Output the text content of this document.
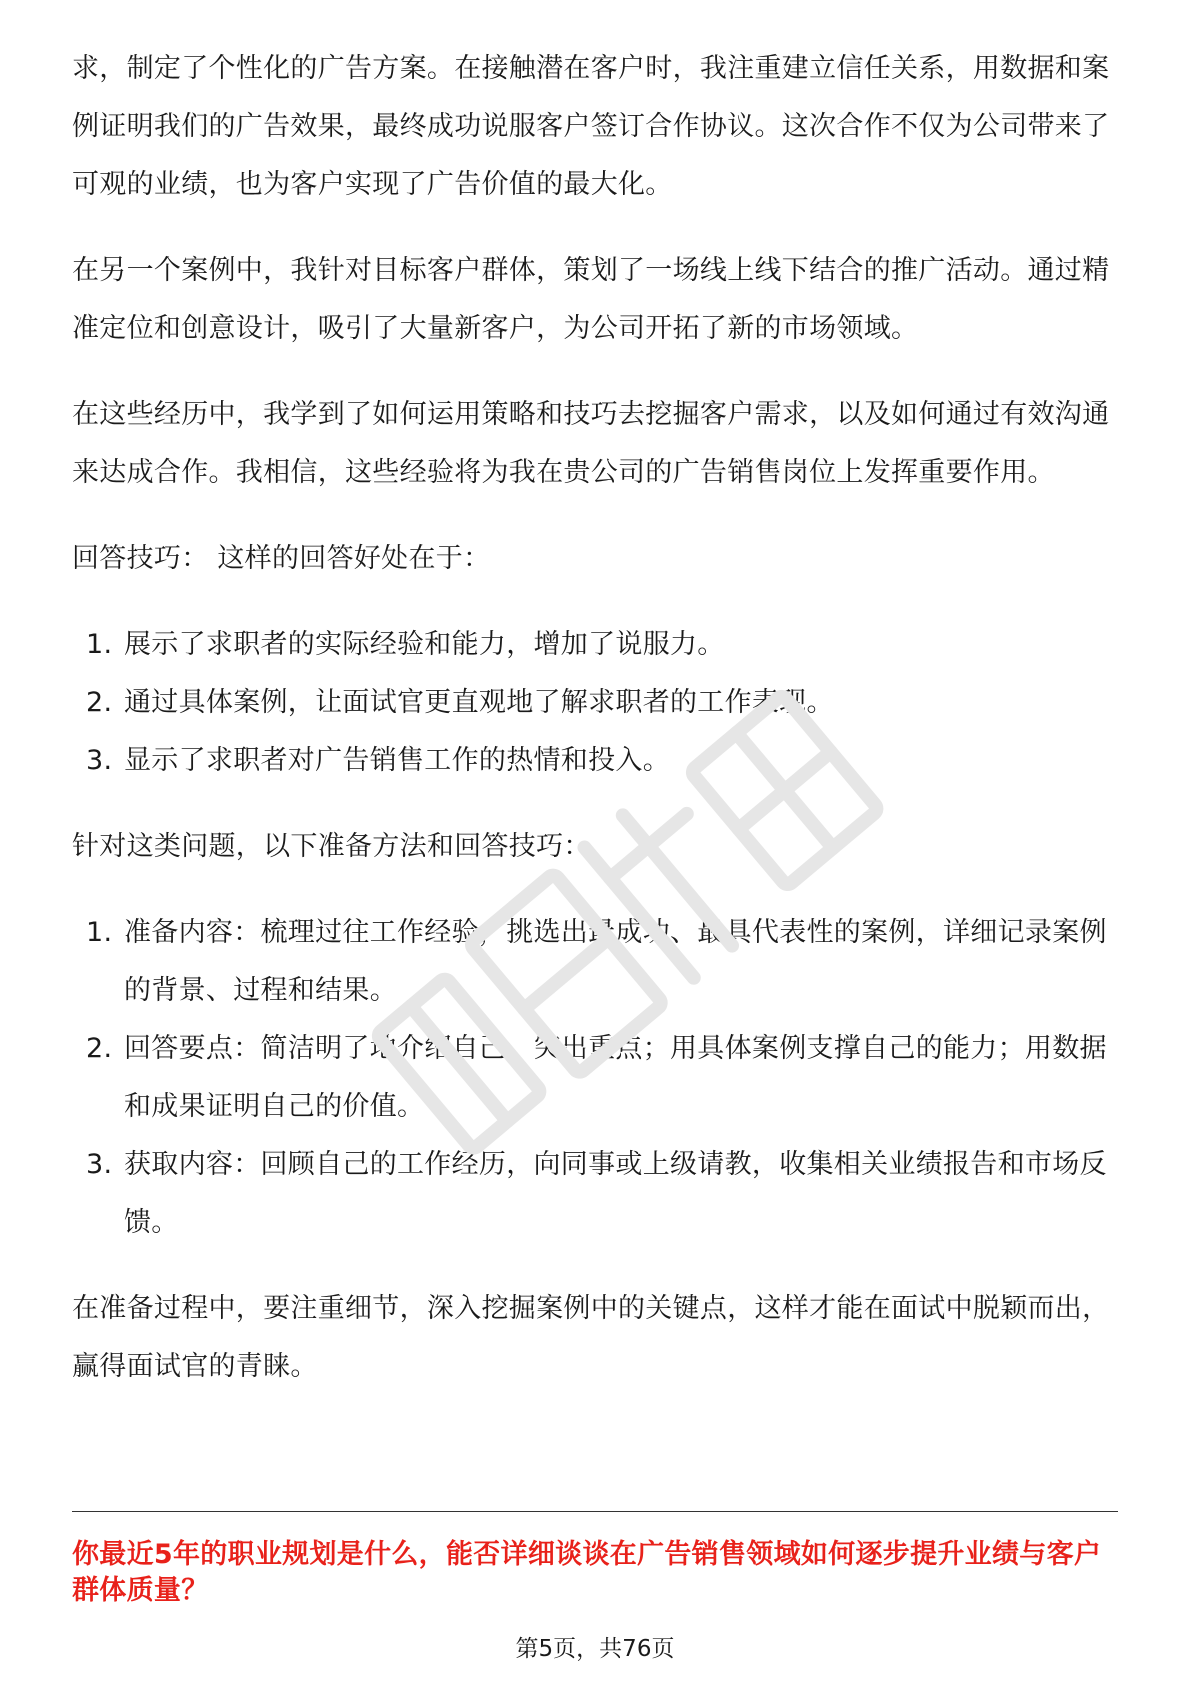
求，制定了个性化的广告方案。在接触潜在客户时，我注重建立信任关系，用数据和案例证明我们的广告效果，最终成功说服客户签订合作协议。这次合作不仅为公司带来了可观的业绩，也为客户实现了广告价值的最大化。

在另一个案例中，我针对目标客户群体，策划了一场线上线下结合的推广活动。通过精准定位和创意设计，吸引了大量新客户，为公司开拓了新的市场领域。

在这些经历中，我学到了如何运用策略和技巧去挖掘客户需求，以及如何通过有效沟通来达成合作。我相信，这些经验将为我在贵公司的广告销售岗位上发挥重要作用。

回答技巧： 这样的回答好处在于：

1. 展示了求职者的实际经验和能力，增加了说服力。
2. 通过具体案例，让面试官更直观地了解求职者的工作表现。
3. 显示了求职者对广告销售工作的热情和投入。

针对这类问题，以下准备方法和回答技巧：

1. 准备内容：梳理过往工作经验，挑选出最成功、最具代表性的案例，详细记录案例的背景、过程和结果。
2. 回答要点：简洁明了地介绍自己，突出重点；用具体案例支撑自己的能力；用数据和成果证明自己的价值。
3. 获取内容：回顾自己的工作经历，向同事或上级请教，收集相关业绩报告和市场反馈。

在准备过程中，要注重细节，深入挖掘案例中的关键点，这样才能在面试中脱颖而出，赢得面试官的青睐。

你最近5年的职业规划是什么，能否详细谈谈在广告销售领域如何逐步提升业绩与客户群体质量？
第5页，共76页
